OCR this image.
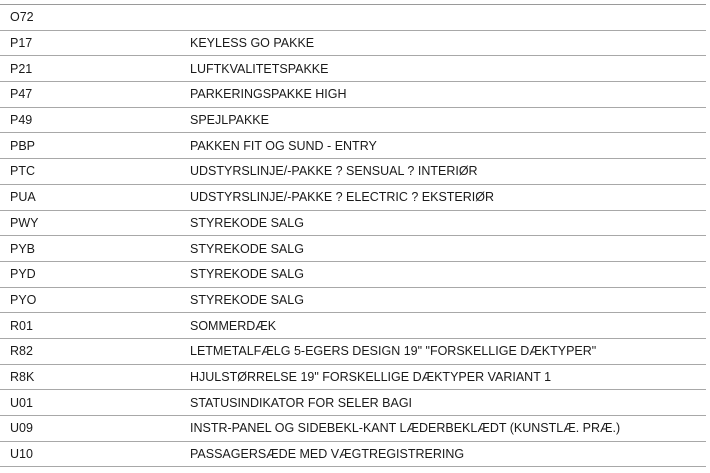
O72	
P17	KEYLESS GO PAKKE
P21	LUFTKVALITETSPAKKE
P47	PARKERINGSPAKKE HIGH
P49	SPEJLPAKKE
PBP	PAKKEN FIT OG SUND - ENTRY
PTC	UDSTYRSLINJE/-PAKKE ? SENSUAL ? INTERIØR
PUA	UDSTYRSLINJE/-PAKKE ? ELECTRIC ? EKSTERIØR
PWY	STYREKODE SALG
PYB	STYREKODE SALG
PYD	STYREKODE SALG
PYO	STYREKODE SALG
R01	SOMMERDÆK
R82	LETMETALFÆLG 5-EGERS DESIGN 19" "FORSKELLIGE DÆKTYPER"
R8K	HJULSTØRRELSE 19" FORSKELLIGE DÆKTYPER VARIANT 1
U01	STATUSINDIKATOR FOR SELER BAGI
U09	INSTR-PANEL OG SIDEBEKL-KANT LÆDERBEKLÆDT (KUNSTLÆ. PRÆ.)
U10	PASSAGERSÆDE MED VÆGTREGISTRERING
